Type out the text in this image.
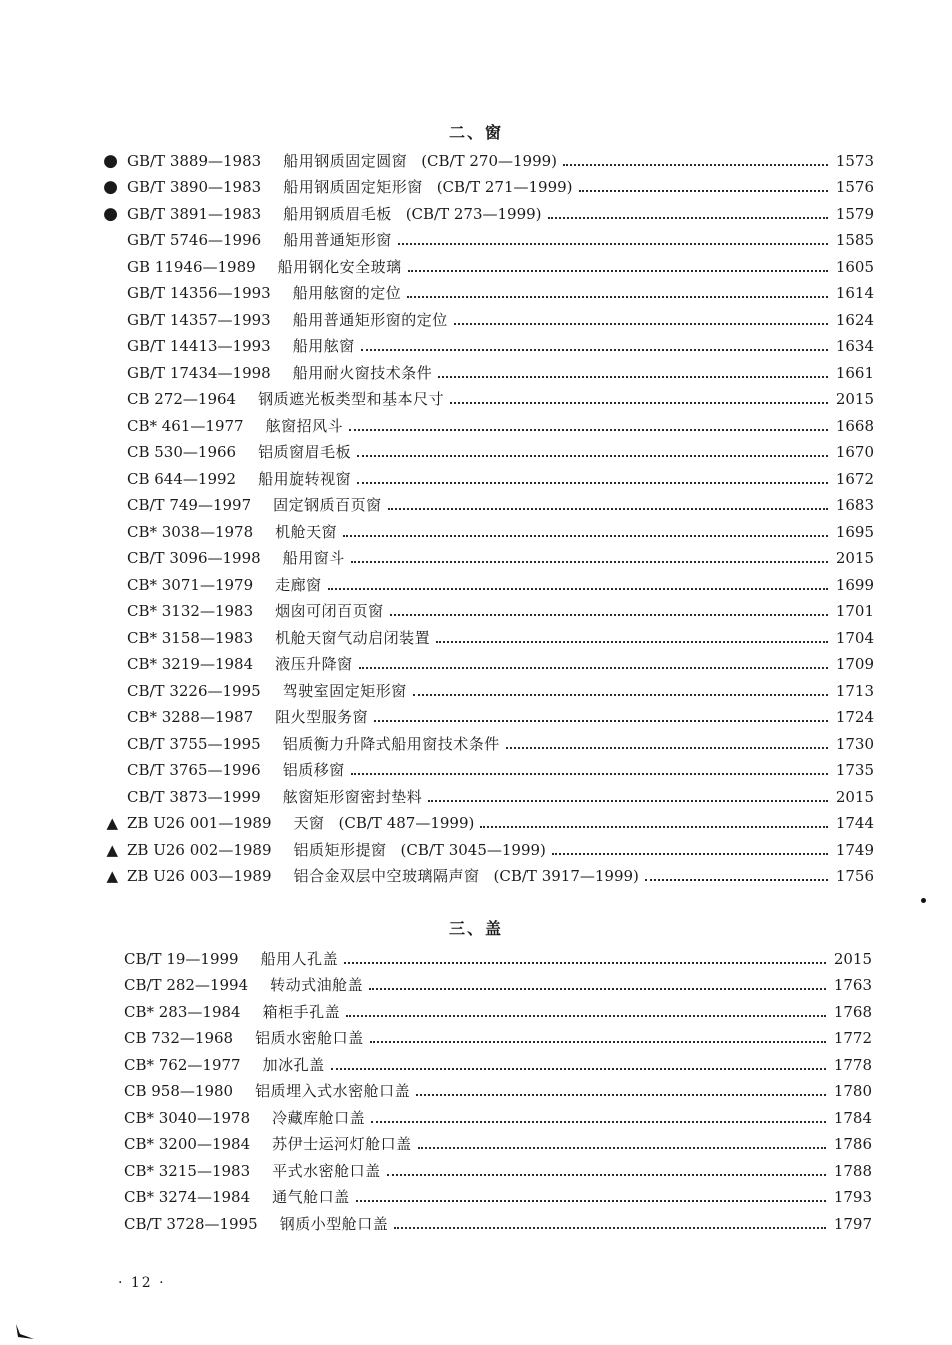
二、窗
● GB/T 3889—1983 船用钢质固定圆窗 (CB/T 270—1999)	1573
● GB/T 3890—1983 船用钢质固定矩形窗 (CB/T 271—1999)	1576
● GB/T 3891—1983 船用钢质眉毛板 (CB/T 273—1999)	1579
GB/T 5746—1996 船用普通矩形窗	1585
GB 11946—1989 船用钢化安全玻璃	1605
GB/T 14356—1993 船用舷窗的定位	1614
GB/T 14357—1993 船用普通矩形窗的定位	1624
GB/T 14413—1993 船用舷窗	1634
GB/T 17434—1998 船用耐火窗技术条件	1661
CB 272—1964 钢质遮光板类型和基本尺寸	2015
CB* 461—1977 舷窗招风斗	1668
CB 530—1966 铝质窗眉毛板	1670
CB 644—1992 船用旋转视窗	1672
CB/T 749—1997 固定钢质百页窗	1683
CB* 3038—1978 机舱天窗	1695
CB/T 3096—1998 船用窗斗	2015
CB* 3071—1979 走廊窗	1699
CB* 3132—1983 烟囱可闭百页窗	1701
CB* 3158—1983 机舱天窗气动启闭装置	1704
CB* 3219—1984 液压升降窗	1709
CB/T 3226—1995 驾驶室固定矩形窗	1713
CB* 3288—1987 阻火型服务窗	1724
CB/T 3755—1995 铝质衡力升降式船用窗技术条件	1730
CB/T 3765—1996 铝质移窗	1735
CB/T 3873—1999 舷窗矩形窗密封垫料	2015
▲ ZB U26 001—1989 天窗 (CB/T 487—1999)	1744
▲ ZB U26 002—1989 铝质矩形提窗 (CB/T 3045—1999)	1749
▲ ZB U26 003—1989 铝合金双层中空玻璃隔声窗 (CB/T 3917—1999)	1756
三、盖
CB/T 19—1999 船用人孔盖	2015
CB/T 282—1994 转动式油舱盖	1763
CB* 283—1984 箱柜手孔盖	1768
CB 732—1968 铝质水密舱口盖	1772
CB* 762—1977 加冰孔盖	1778
CB 958—1980 铝质埋入式水密舱口盖	1780
CB* 3040—1978 冷藏库舱口盖	1784
CB* 3200—1984 苏伊士运河灯舱口盖	1786
CB* 3215—1983 平式水密舱口盖	1788
CB* 3274—1984 通气舱口盖	1793
CB/T 3728—1995 钢质小型舱口盖	1797
· 12 ·
